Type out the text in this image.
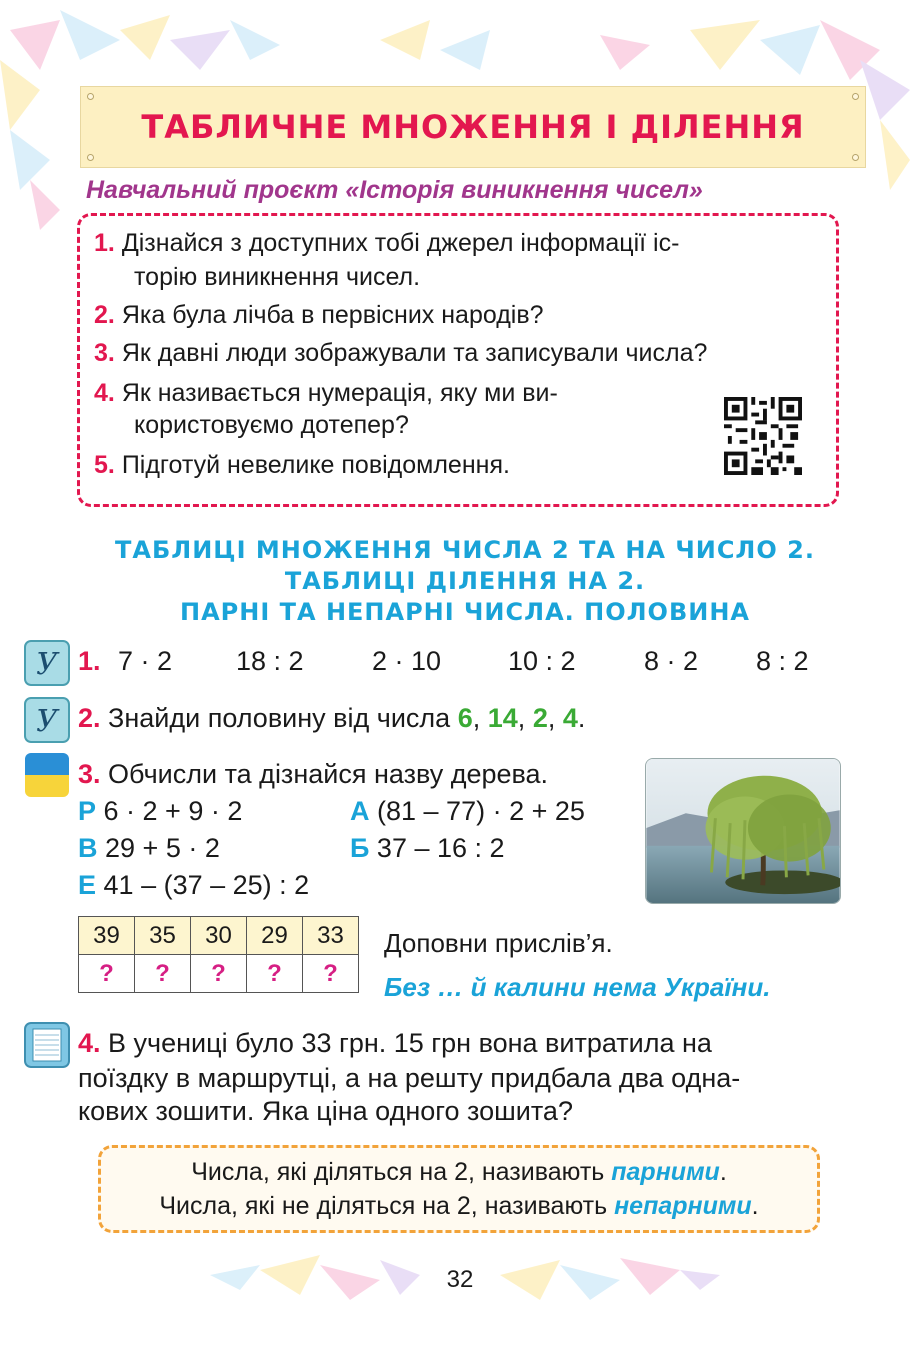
ТАБЛИЧНЕ МНОЖЕННЯ І ДІЛЕННЯ
Навчальний проєкт «Історія виникнення чисел»
1. Дізнайся з доступних тобі джерел інформації іс-
торію виникнення чисел.
2. Яка була лічба в первісних народів?
3. Як давні люди зображували та записували числа?
4. Як називається нумерація, яку ми ви-
користовуємо дотепер?
5. Підготуй невелике повідомлення.
ТАБЛИЦІ МНОЖЕННЯ ЧИСЛА 2 ТА НА ЧИСЛО 2.
ТАБЛИЦІ ДІЛЕННЯ НА 2.
ПАРНІ ТА НЕПАРНІ ЧИСЛА. ПОЛОВИНА
У 1. 7 · 2 18 : 2	2 · 10 10 : 2	8 · 2 8 : 2
У 2. Знайди половину від числа 6, 14, 2, 4.
3. Обчисли та дізнайся назву дерева.
Р 6 · 2 + 9 · 2	А (81 – 77) · 2 + 25
В 29 + 5 · 2	Б 37 – 16 : 2
Е 41 – (37 – 25) : 2
39	35	30	29	33
?	?	?	?	?
Доповни прислів’я.
Без … й калини нема України.
4. В учениці було 33 грн. 15 грн вона витратила на
поїздку в маршрутці, а на решту придбала два одна-
кових зошити. Яка ціна одного зошита?
Числа, які діляться на 2, називають парними.
Числа, які не діляться на 2, називають непарними.
32
